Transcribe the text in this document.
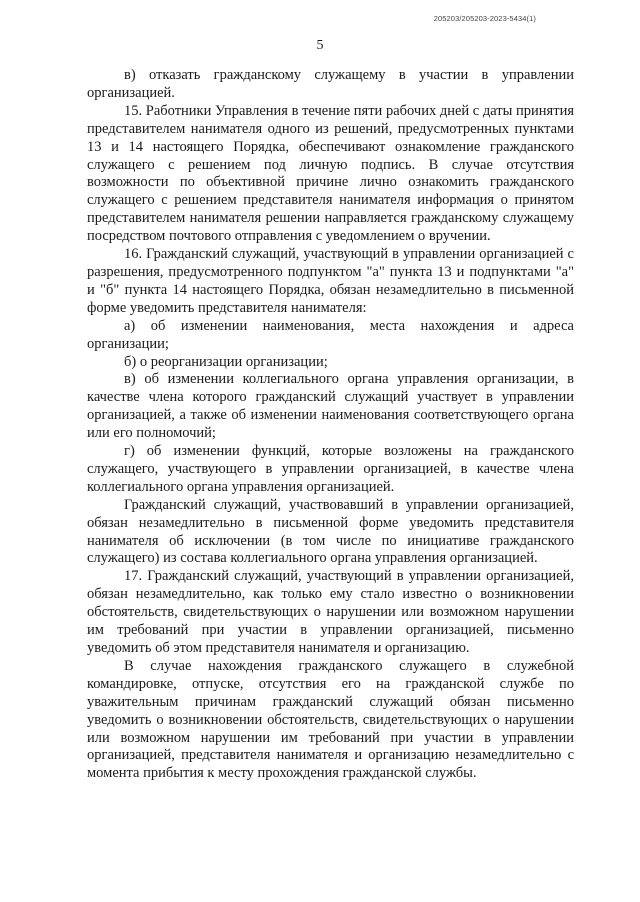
205203/205203-2023-5434(1)
5

в) отказать гражданскому служащему в участии в управлении организацией.

15. Работники Управления в течение пяти рабочих дней с даты принятия представителем нанимателя одного из решений, предусмотренных пунктами 13 и 14 настоящего Порядка, обеспечивают ознакомление гражданского служащего с решением под личную подпись. В случае отсутствия возможности по объективной причине лично ознакомить гражданского служащего с решением представителя нанимателя информация о принятом представителем нанимателя решении направляется гражданскому служащему посредством почтового отправления с уведомлением о вручении.

16. Гражданский служащий, участвующий в управлении организацией с разрешения, предусмотренного подпунктом "а" пункта 13 и подпунктами "а" и "б" пункта 14 настоящего Порядка, обязан незамедлительно в письменной форме уведомить представителя нанимателя:

а) об изменении наименования, места нахождения и адреса организации;

б) о реорганизации организации;

в) об изменении коллегиального органа управления организации, в качестве члена которого гражданский служащий участвует в управлении организацией, а также об изменении наименования соответствующего органа или его полномочий;

г) об изменении функций, которые возложены на гражданского служащего, участвующего в управлении организацией, в качестве члена коллегиального органа управления организацией.

Гражданский служащий, участвовавший в управлении организацией, обязан незамедлительно в письменной форме уведомить представителя нанимателя об исключении (в том числе по инициативе гражданского служащего) из состава коллегиального органа управления организацией.

17. Гражданский служащий, участвующий в управлении организацией, обязан незамедлительно, как только ему стало известно о возникновении обстоятельств, свидетельствующих о нарушении или возможном нарушении им требований при участии в управлении организацией, письменно уведомить об этом представителя нанимателя и организацию.

В случае нахождения гражданского служащего в служебной командировке, отпуске, отсутствия его на гражданской службе по уважительным причинам гражданский служащий обязан письменно уведомить о возникновении обстоятельств, свидетельствующих о нарушении или возможном нарушении им требований при участии в управлении организацией, представителя нанимателя и организацию незамедлительно с момента прибытия к месту прохождения гражданской службы.
